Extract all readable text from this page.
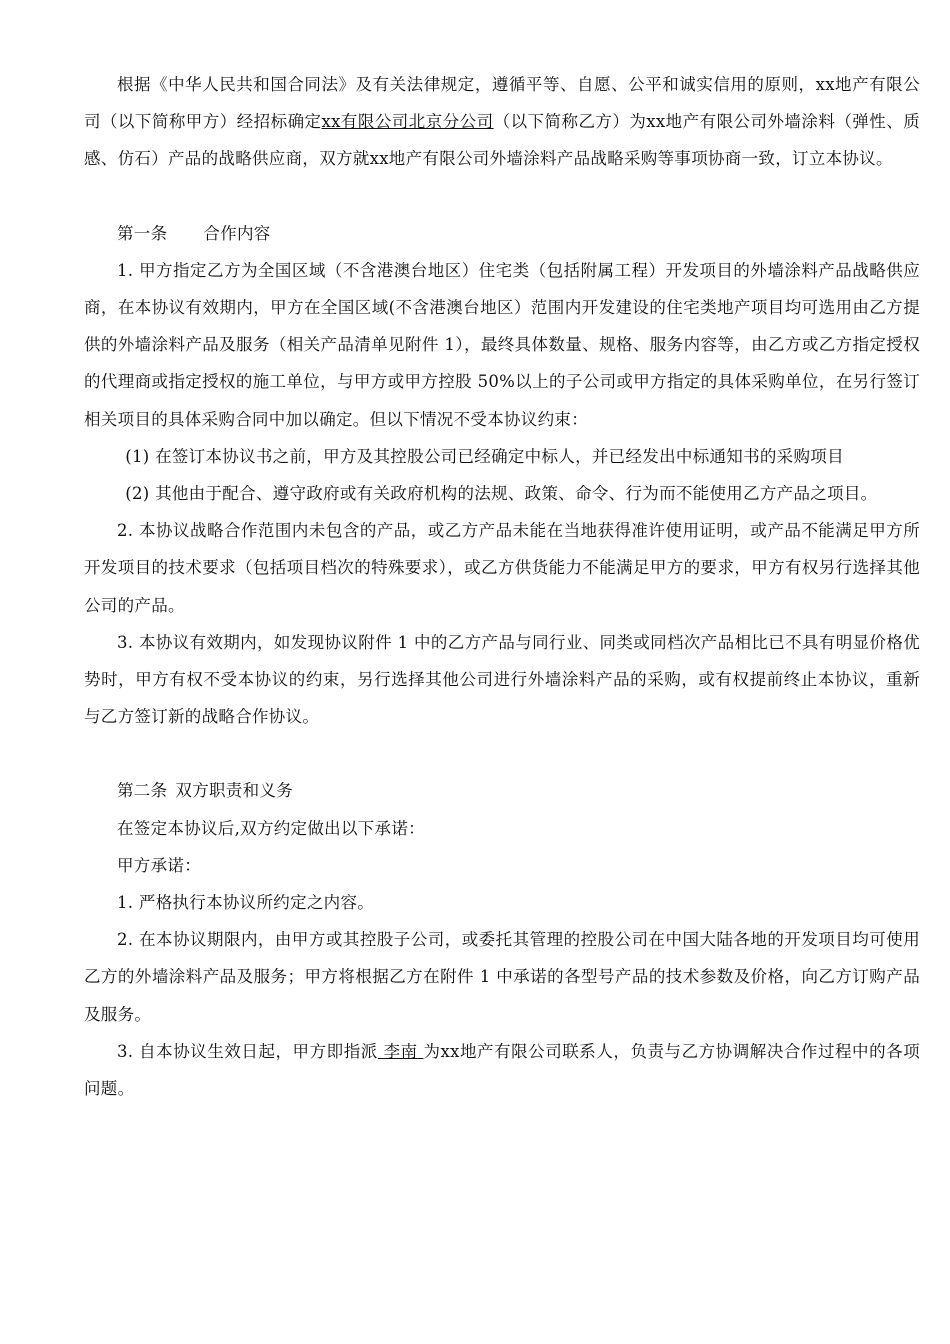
根据《中华人民共和国合同法》及有关法律规定，遵循平等、自愿、公平和诚实信用的原则，xx地产有限公司（以下简称甲方）经招标确定xx有限公司北京分公司（以下简称乙方）为xx地产有限公司外墙涂料（弹性、质感、仿石）产品的战略供应商，双方就xx地产有限公司外墙涂料产品战略采购等事项协商一致，订立本协议。

第一条 合作内容

1. 甲方指定乙方为全国区域（不含港澳台地区）住宅类（包括附属工程）开发项目的外墙涂料产品战略供应商，在本协议有效期内，甲方在全国区域(不含港澳台地区）范围内开发建设的住宅类地产项目均可选用由乙方提供的外墙涂料产品及服务（相关产品清单见附件 1），最终具体数量、规格、服务内容等，由乙方或乙方指定授权的代理商或指定授权的施工单位，与甲方或甲方控股 50%以上的子公司或甲方指定的具体采购单位，在另行签订相关项目的具体采购合同中加以确定。但以下情况不受本协议约束：

(1) 在签订本协议书之前，甲方及其控股公司已经确定中标人，并已经发出中标通知书的采购项目

(2) 其他由于配合、遵守政府或有关政府机构的法规、政策、命令、行为而不能使用乙方产品之项目。

2. 本协议战略合作范围内未包含的产品，或乙方产品未能在当地获得准许使用证明，或产品不能满足甲方所开发项目的技术要求（包括项目档次的特殊要求），或乙方供货能力不能满足甲方的要求，甲方有权另行选择其他公司的产品。

3. 本协议有效期内，如发现协议附件 1 中的乙方产品与同行业、同类或同档次产品相比已不具有明显价格优势时，甲方有权不受本协议的约束，另行选择其他公司进行外墙涂料产品的采购，或有权提前终止本协议，重新与乙方签订新的战略合作协议。

第二条 双方职责和义务

在签定本协议后,双方约定做出以下承诺：

甲方承诺：

1. 严格执行本协议所约定之内容。

2. 在本协议期限内，由甲方或其控股子公司，或委托其管理的控股公司在中国大陆各地的开发项目均可使用乙方的外墙涂料产品及服务；甲方将根据乙方在附件 1 中承诺的各型号产品的技术参数及价格，向乙方订购产品及服务。

3. 自本协议生效日起，甲方即指派 李南 为xx地产有限公司联系人，负责与乙方协调解决合作过程中的各项问题。
